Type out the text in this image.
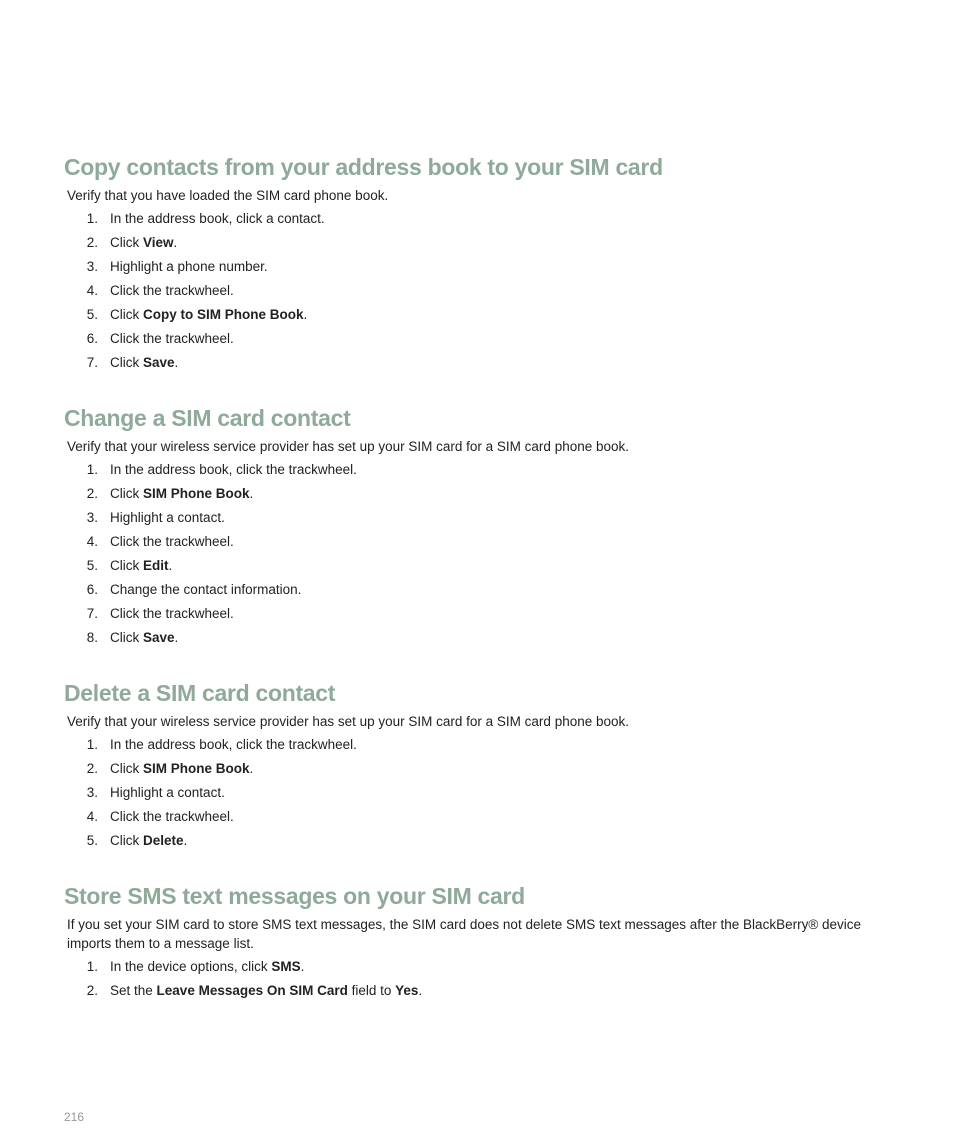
Copy contacts from your address book to your SIM card
Verify that you have loaded the SIM card phone book.
1. In the address book, click a contact.
2. Click View.
3. Highlight a phone number.
4. Click the trackwheel.
5. Click Copy to SIM Phone Book.
6. Click the trackwheel.
7. Click Save.
Change a SIM card contact
Verify that your wireless service provider has set up your SIM card for a SIM card phone book.
1. In the address book, click the trackwheel.
2. Click SIM Phone Book.
3. Highlight a contact.
4. Click the trackwheel.
5. Click Edit.
6. Change the contact information.
7. Click the trackwheel.
8. Click Save.
Delete a SIM card contact
Verify that your wireless service provider has set up your SIM card for a SIM card phone book.
1. In the address book, click the trackwheel.
2. Click SIM Phone Book.
3. Highlight a contact.
4. Click the trackwheel.
5. Click Delete.
Store SMS text messages on your SIM card
If you set your SIM card to store SMS text messages, the SIM card does not delete SMS text messages after the BlackBerry® device imports them to a message list.
1. In the device options, click SMS.
2. Set the Leave Messages On SIM Card field to Yes.
216
